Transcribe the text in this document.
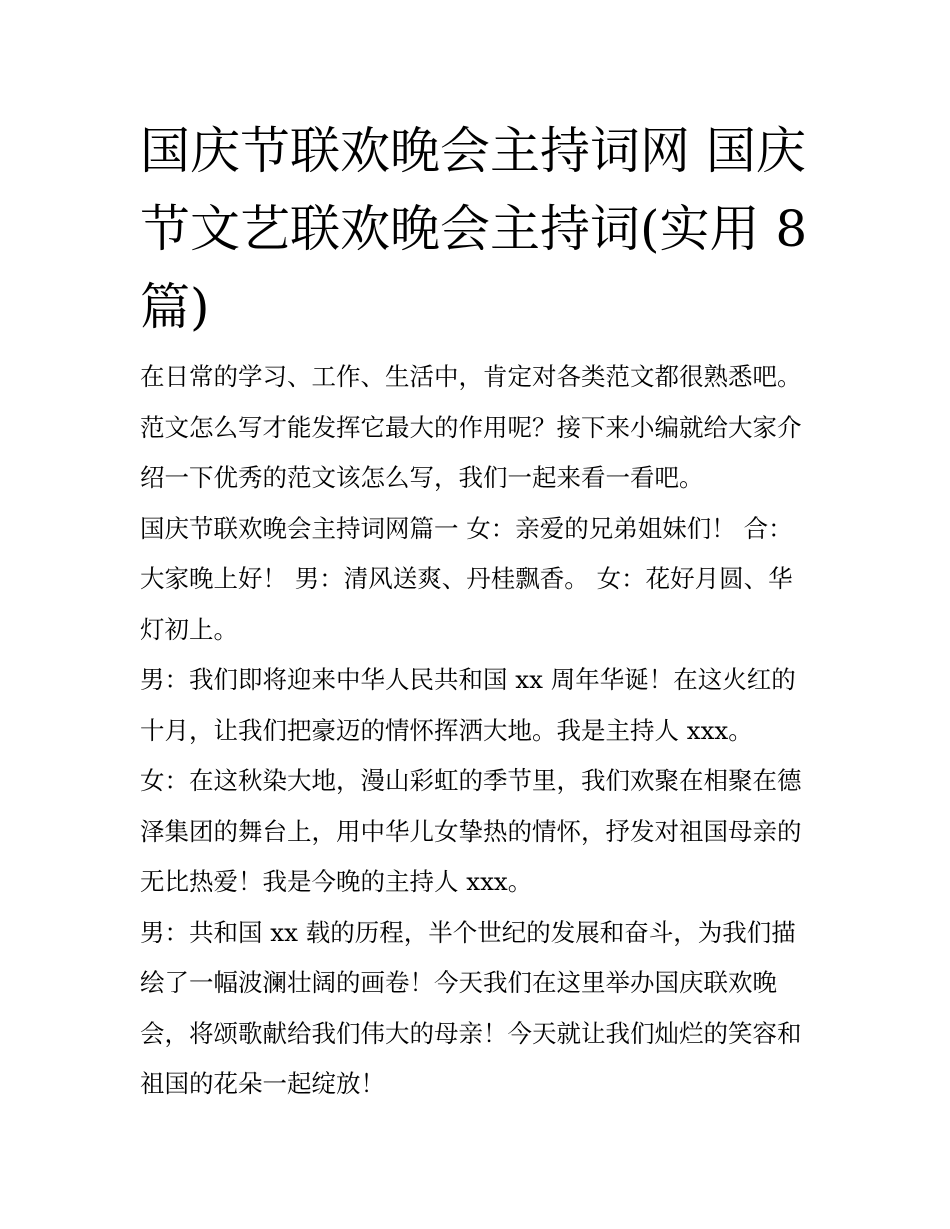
国庆节联欢晚会主持词网 国庆节文艺联欢晚会主持词(实用 8 篇)

在日常的学习、工作、生活中，肯定对各类范文都很熟悉吧。范文怎么写才能发挥它最大的作用呢？接下来小编就给大家介绍一下优秀的范文该怎么写，我们一起来看一看吧。

国庆节联欢晚会主持词网篇一 女：亲爱的兄弟姐妹们！ 合：大家晚上好！ 男：清风送爽、丹桂飘香。 女：花好月圆、华灯初上。

男：我们即将迎来中华人民共和国 xx 周年华诞！在这火红的十月，让我们把豪迈的情怀挥洒大地。我是主持人 xxx。

女：在这秋染大地，漫山彩虹的季节里，我们欢聚在相聚在德泽集团的舞台上，用中华儿女挚热的情怀，抒发对祖国母亲的无比热爱！我是今晚的主持人 xxx。

男：共和国 xx 载的历程，半个世纪的发展和奋斗，为我们描绘了一幅波澜壮阔的画卷！今天我们在这里举办国庆联欢晚会，将颂歌献给我们伟大的母亲！今天就让我们灿烂的笑容和祖国的花朵一起绽放！
